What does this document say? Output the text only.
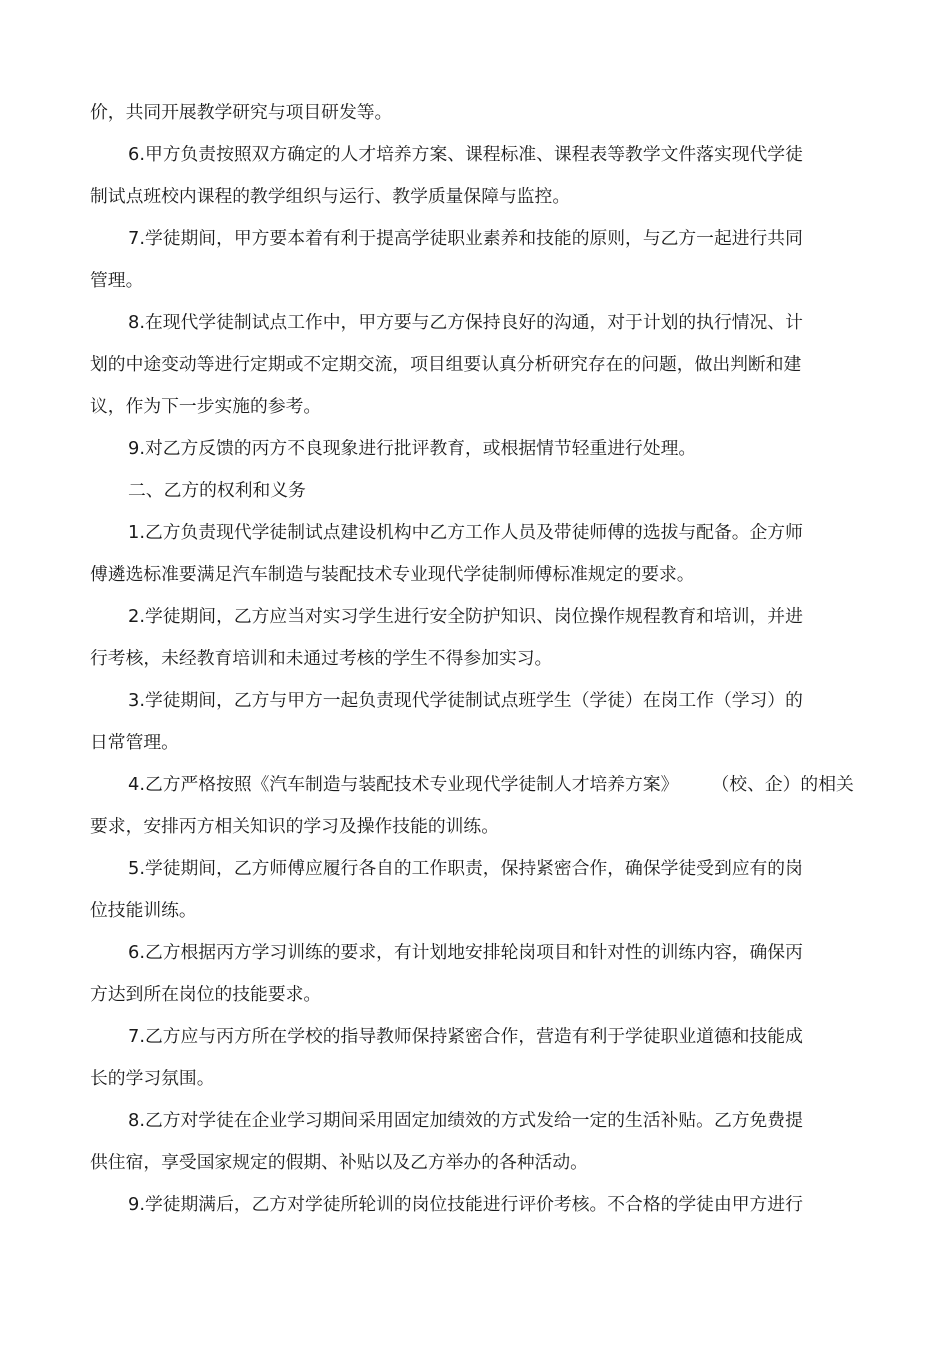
价，共同开展教学研究与项目研发等。
6.甲方负责按照双方确定的人才培养方案、课程标准、课程表等教学文件落实现代学徒
制试点班校内课程的教学组织与运行、教学质量保障与监控。
7.学徒期间，甲方要本着有利于提高学徒职业素养和技能的原则，与乙方一起进行共同
管理。
8.在现代学徒制试点工作中，甲方要与乙方保持良好的沟通，对于计划的执行情况、计
划的中途变动等进行定期或不定期交流，项目组要认真分析研究存在的问题，做出判断和建
议，作为下一步实施的参考。
9.对乙方反馈的丙方不良现象进行批评教育，或根据情节轻重进行处理。
二、乙方的权利和义务
1.乙方负责现代学徒制试点建设机构中乙方工作人员及带徒师傅的选拔与配备。企方师
傅遴选标准要满足汽车制造与装配技术专业现代学徒制师傅标准规定的要求。
2.学徒期间，乙方应当对实习学生进行安全防护知识、岗位操作规程教育和培训，并进
行考核，未经教育培训和未通过考核的学生不得参加实习。
3.学徒期间，乙方与甲方一起负责现代学徒制试点班学生（学徒）在岗工作（学习）的
日常管理。
4.乙方严格按照《汽车制造与装配技术专业现代学徒制人才培养方案》 （校、企）的相关
要求，安排丙方相关知识的学习及操作技能的训练。
5.学徒期间，乙方师傅应履行各自的工作职责，保持紧密合作，确保学徒受到应有的岗
位技能训练。
6.乙方根据丙方学习训练的要求，有计划地安排轮岗项目和针对性的训练内容，确保丙
方达到所在岗位的技能要求。
7.乙方应与丙方所在学校的指导教师保持紧密合作，营造有利于学徒职业道德和技能成
长的学习氛围。
8.乙方对学徒在企业学习期间采用固定加绩效的方式发给一定的生活补贴。乙方免费提
供住宿，享受国家规定的假期、补贴以及乙方举办的各种活动。
9.学徒期满后，乙方对学徒所轮训的岗位技能进行评价考核。不合格的学徒由甲方进行
